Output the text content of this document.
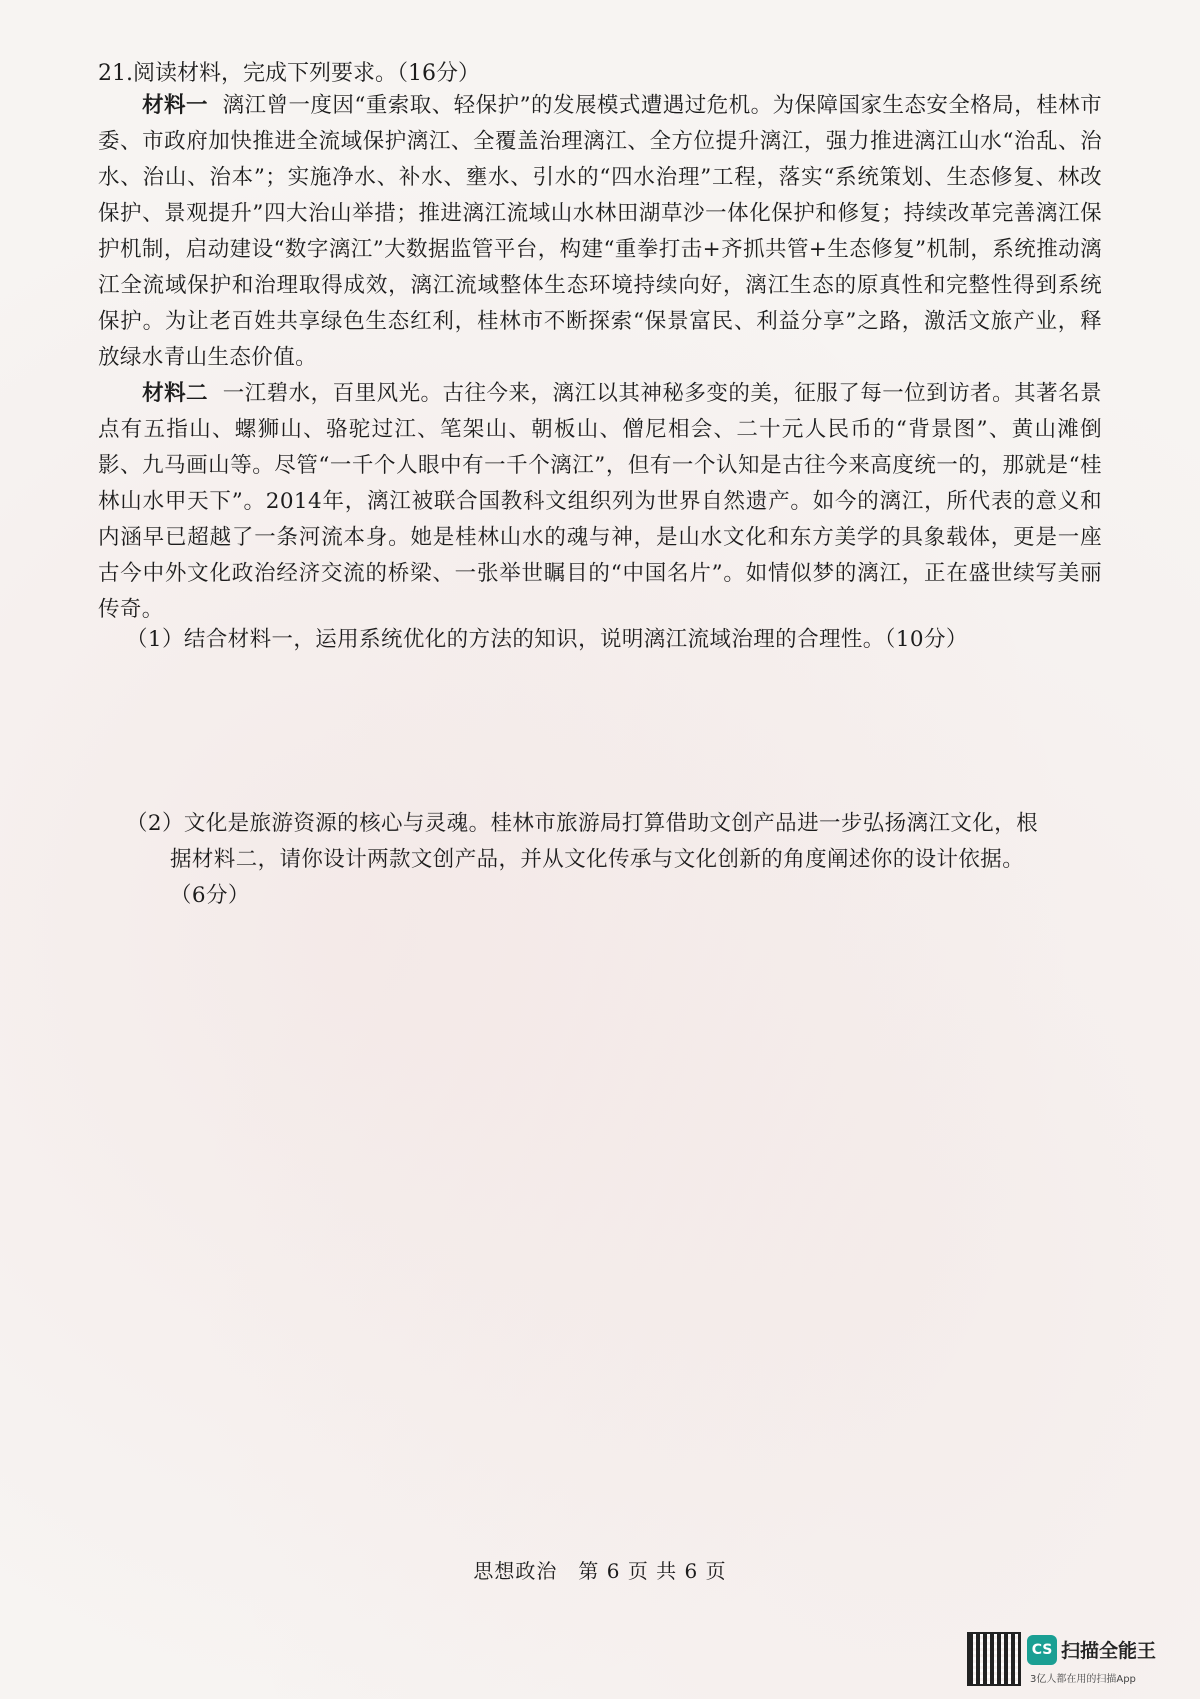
21.阅读材料，完成下列要求。（16分）
材料一 漓江曾一度因“重索取、轻保护”的发展模式遭遇过危机。为保障国家生态安全格局，桂林市委、市政府加快推进全流域保护漓江、全覆盖治理漓江、全方位提升漓江，强力推进漓江山水“治乱、治水、治山、治本”；实施净水、补水、壅水、引水的“四水治理”工程，落实“系统策划、生态修复、林改保护、景观提升”四大治山举措；推进漓江流域山水林田湖草沙一体化保护和修复；持续改革完善漓江保护机制，启动建设“数字漓江”大数据监管平台，构建“重拳打击+齐抓共管+生态修复”机制，系统推动漓江全流域保护和治理取得成效，漓江流域整体生态环境持续向好，漓江生态的原真性和完整性得到系统保护。为让老百姓共享绿色生态红利，桂林市不断探索“保景富民、利益分享”之路，激活文旅产业，释放绿水青山生态价值。
材料二 一江碧水，百里风光。古往今来，漓江以其神秘多变的美，征服了每一位到访者。其著名景点有五指山、螺狮山、骆驼过江、笔架山、朝板山、僧尼相会、二十元人民币的“背景图”、黄山滩倒影、九马画山等。尽管“一千个人眼中有一千个漓江”，但有一个认知是古往今来高度统一的，那就是“桂林山水甲天下”。2014年，漓江被联合国教科文组织列为世界自然遗产。如今的漓江，所代表的意义和内涵早已超越了一条河流本身。她是桂林山水的魂与神，是山水文化和东方美学的具象载体，更是一座古今中外文化政治经济交流的桥梁、一张举世瞩目的“中国名片”。如情似梦的漓江，正在盛世续写美丽传奇。
（1）结合材料一，运用系统优化的方法的知识，说明漓江流域治理的合理性。（10分）
（2）文化是旅游资源的核心与灵魂。桂林市旅游局打算借助文创产品进一步弘扬漓江文化，根
据材料二，请你设计两款文创产品，并从文化传承与文化创新的角度阐述你的设计依据。
（6分）
思想政治　第 6 页 共 6 页
CS 扫描全能王
3亿人都在用的扫描App
